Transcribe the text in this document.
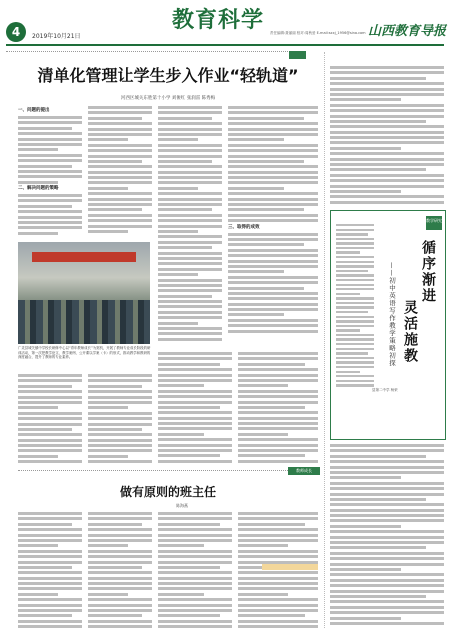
4	2019年10月21日
教育科学 责任编辑:聂丽丽 校对:周秋爱 E-mail:sxxj_1956@sina.com 山西教育导报

清单化管理让学生步入作业“轻轨道”
河西区城关东胜第十小学 刘俊红 张润雷 陈秀梅
一、问题的提出
二、解决问题的策略
三、取得的成效
广灵县城关镇中学校长研修中心以“青年教师成长”为契机，开展了教师专业成长阶段的研训活动，第一次把教学论文、教学案例、公开课以学案（卡）的形式，推动教学和教研的深度融合，提升了教师的专业素养。
教师成长
做有原则的班主任
陈海燕
教学研究
循序渐进
灵活施教
——初中英语写作教学策略初探
县第二中学 杨荣
